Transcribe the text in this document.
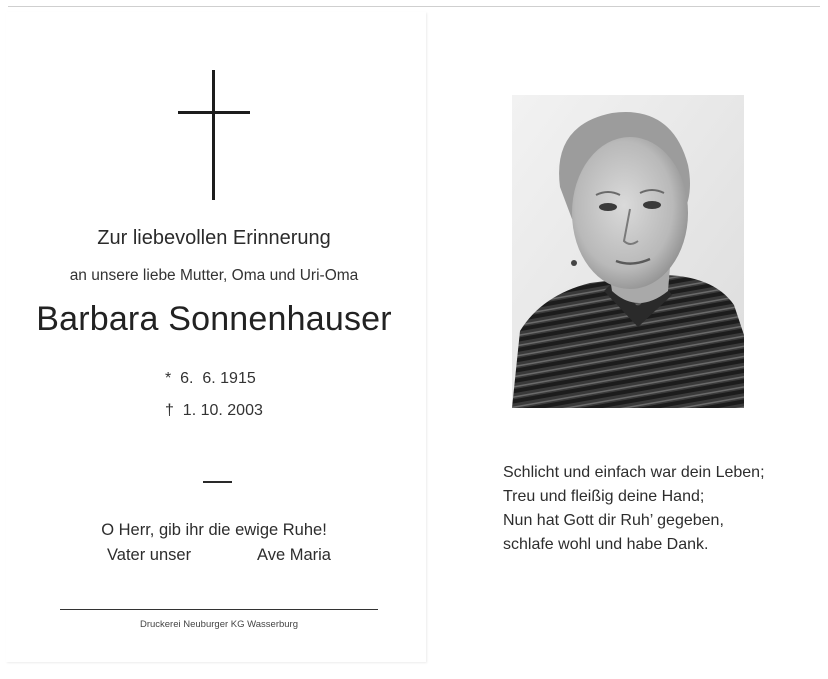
Zur liebevollen Erinnerung
an unsere liebe Mutter, Oma und Uri-Oma
Barbara Sonnenhauser
*  6.  6. 1915
†  1. 10. 2003
O Herr, gib ihr die ewige Ruhe!
Vater unser	Ave Maria
Druckerei Neuburger KG Wasserburg
Schlicht und einfach war dein Leben;
Treu und fleißig deine Hand;
Nun hat Gott dir Ruh’ gegeben,
schlafe wohl und habe Dank.
